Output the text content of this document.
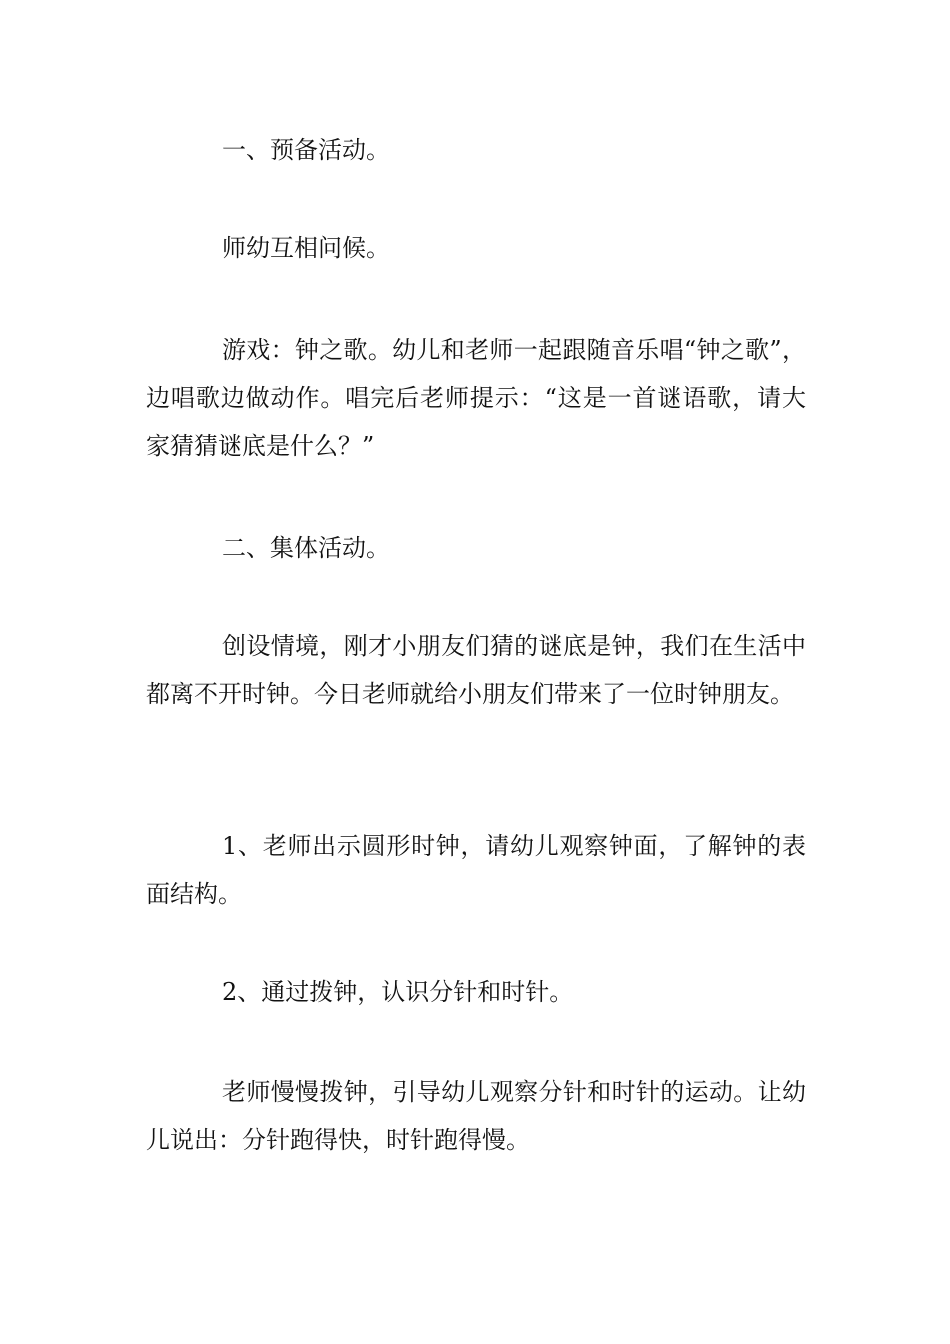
一、预备活动。

师幼互相问候。

游戏：钟之歌。幼儿和老师一起跟随音乐唱“钟之歌”，边唱歌边做动作。唱完后老师提示：“这是一首谜语歌，请大家猜猜谜底是什么？”

二、集体活动。

创设情境，刚才小朋友们猜的谜底是钟，我们在生活中都离不开时钟。今日老师就给小朋友们带来了一位时钟朋友。

1、老师出示圆形时钟，请幼儿观察钟面，了解钟的表面结构。

2、通过拨钟，认识分针和时针。

老师慢慢拨钟，引导幼儿观察分针和时针的运动。让幼儿说出：分针跑得快，时针跑得慢。
